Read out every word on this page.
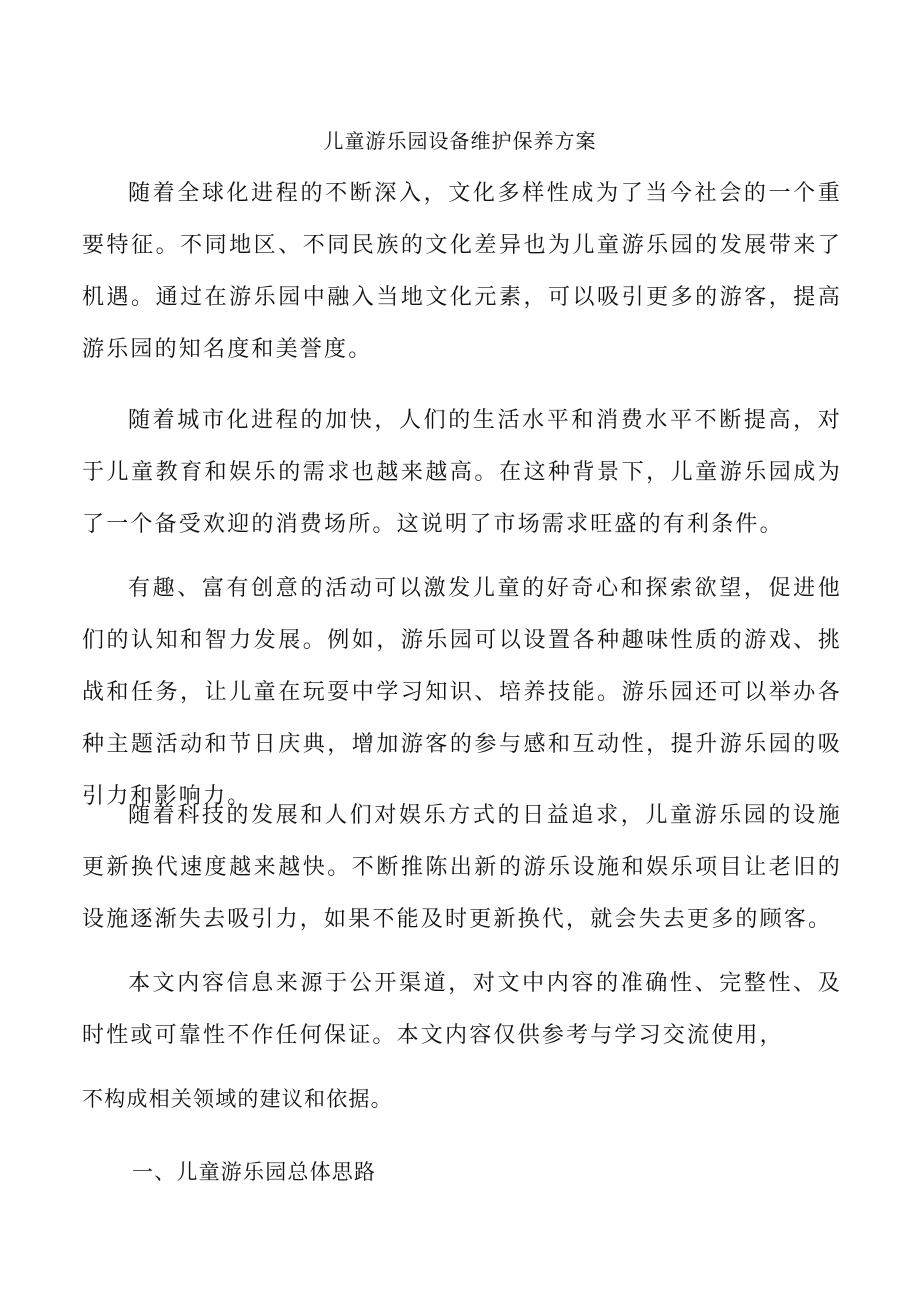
儿童游乐园设备维护保养方案

随着全球化进程的不断深入，文化多样性成为了当今社会的一个重要特征。不同地区、不同民族的文化差异也为儿童游乐园的发展带来了机遇。通过在游乐园中融入当地文化元素，可以吸引更多的游客，提高游乐园的知名度和美誉度。

随着城市化进程的加快，人们的生活水平和消费水平不断提高，对于儿童教育和娱乐的需求也越来越高。在这种背景下，儿童游乐园成为了一个备受欢迎的消费场所。这说明了市场需求旺盛的有利条件。

有趣、富有创意的活动可以激发儿童的好奇心和探索欲望，促进他们的认知和智力发展。例如，游乐园可以设置各种趣味性质的游戏、挑战和任务，让儿童在玩耍中学习知识、培养技能。游乐园还可以举办各种主题活动和节日庆典，增加游客的参与感和互动性，提升游乐园的吸引力和影响力。

随着科技的发展和人们对娱乐方式的日益追求，儿童游乐园的设施更新换代速度越来越快。不断推陈出新的游乐设施和娱乐项目让老旧的设施逐渐失去吸引力，如果不能及时更新换代，就会失去更多的顾客。

本文内容信息来源于公开渠道，对文中内容的准确性、完整性、及时性或可靠性不作任何保证。本文内容仅供参考与学习交流使用，

不构成相关领域的建议和依据。

一、儿童游乐园总体思路
